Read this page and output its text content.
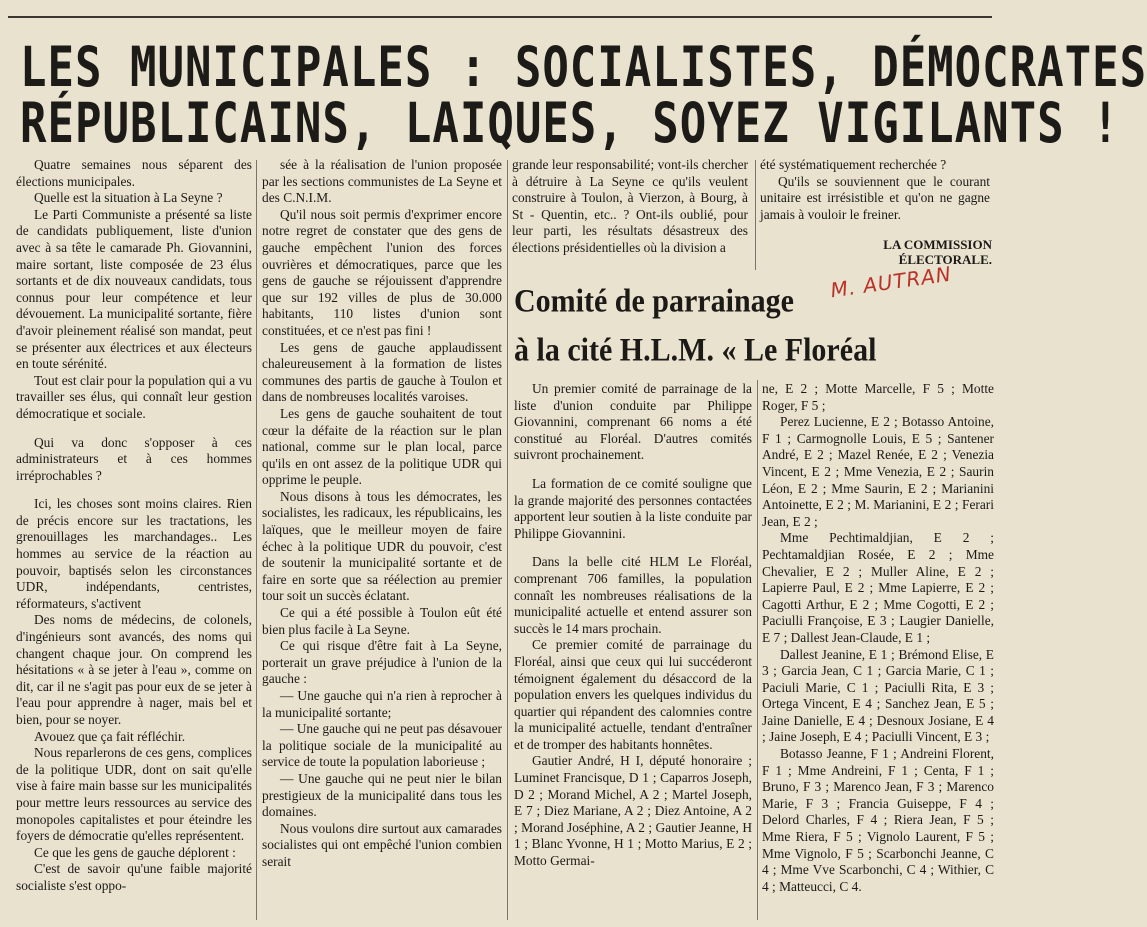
LES MUNICIPALES : SOCIALISTES, DÉMOCRATES
RÉPUBLICAINS, LAIQUES, SOYEZ VIGILANTS !

Quatre semaines nous séparent des élections municipales.

Quelle est la situation à La Seyne ?

Le Parti Communiste a présenté sa liste de candidats publiquement, liste d'union avec à sa tête le camarade Ph. Giovannini, maire sortant, liste composée de 23 élus sortants et de dix nouveaux candidats, tous connus pour leur compétence et leur dévouement. La municipalité sortante, fière d'avoir pleinement réalisé son mandat, peut se présenter aux électrices et aux électeurs en toute sérénité.

Tout est clair pour la population qui a vu travailler ses élus, qui connaît leur gestion démocratique et sociale.

Qui va donc s'opposer à ces administrateurs et à ces hommes irréprochables ?

Ici, les choses sont moins claires. Rien de précis encore sur les tractations, les grenouillages les marchandages.. Les hommes au service de la réaction au pouvoir, baptisés selon les circonstances UDR, indépendants, centristes, réformateurs, s'activent

Des noms de médecins, de colonels, d'ingénieurs sont avancés, des noms qui changent chaque jour. On comprend les hésitations « à se jeter à l'eau », comme on dit, car il ne s'agit pas pour eux de se jeter à l'eau pour apprendre à nager, mais bel et bien, pour se noyer.

Avouez que ça fait réfléchir.

Nous reparlerons de ces gens, complices de la politique UDR, dont on sait qu'elle vise à faire main basse sur les municipalités pour mettre leurs ressources au service des monopoles capitalistes et pour éteindre les foyers de démocratie qu'elles représentent.

Ce que les gens de gauche déplorent :

C'est de savoir qu'une faible majorité socialiste s'est oppo-

sée à la réalisation de l'union proposée par les sections communistes de La Seyne et des C.N.I.M.

Qu'il nous soit permis d'exprimer encore notre regret de constater que des gens de gauche empêchent l'union des forces ouvrières et démocratiques, parce que les gens de gauche se réjouissent d'apprendre que sur 192 villes de plus de 30.000 habitants, 110 listes d'union sont constituées, et ce n'est pas fini !

Les gens de gauche applaudissent chaleureusement à la formation de listes communes des partis de gauche à Toulon et dans de nombreuses localités varoises.

Les gens de gauche souhaitent de tout cœur la défaite de la réaction sur le plan national, comme sur le plan local, parce qu'ils en ont assez de la politique UDR qui opprime le peuple.

Nous disons à tous les démocrates, les socialistes, les radicaux, les républicains, les laïques, que le meilleur moyen de faire échec à la politique UDR du pouvoir, c'est de soutenir la municipalité sortante et de faire en sorte que sa réélection au premier tour soit un succès éclatant.

Ce qui a été possible à Toulon eût été bien plus facile à La Seyne.

Ce qui risque d'être fait à La Seyne, porterait un grave préjudice à l'union de la gauche :

— Une gauche qui n'a rien à reprocher à la municipalité sortante;

— Une gauche qui ne peut pas désavouer la politique sociale de la municipalité au service de toute la population laborieuse ;

— Une gauche qui ne peut nier le bilan prestigieux de la municipalité dans tous les domaines.

Nous voulons dire surtout aux camarades socialistes qui ont empêché l'union combien serait

grande leur responsabilité; vont-ils chercher à détruire à La Seyne ce qu'ils veulent construire à Toulon, à Vierzon, à Bourg, à St - Quentin, etc.. ? Ont-ils oublié, pour leur parti, les résultats désastreux des élections présidentielles où la division a

été systématiquement recherchée ?

Qu'ils se souviennent que le courant unitaire est irrésistible et qu'on ne gagne jamais à vouloir le freiner.

LA COMMISSION
ÉLECTORALE.
M. AUTRAN
Comité de parrainage
à la cité H.L.M. « Le Floréal

Un premier comité de parrainage de la liste d'union conduite par Philippe Giovannini, comprenant 66 noms a été constitué au Floréal. D'autres comités suivront prochainement.

La formation de ce comité souligne que la grande majorité des personnes contactées apportent leur soutien à la liste conduite par Philippe Giovannini.

Dans la belle cité HLM Le Floréal, comprenant 706 familles, la population connaît les nombreuses réalisations de la municipalité actuelle et entend assurer son succès le 14 mars prochain.

Ce premier comité de parrainage du Floréal, ainsi que ceux qui lui succéderont témoignent également du désaccord de la population envers les quelques individus du quartier qui répandent des calomnies contre la municipalité actuelle, tendant d'entraîner et de tromper des habitants honnêtes.

Gautier André, H I, député honoraire ; Luminet Francisque, D 1 ; Caparros Joseph, D 2 ; Morand Michel, A 2 ; Martel Joseph, E 7 ; Diez Mariane, A 2 ; Diez Antoine, A 2 ; Morand Joséphine, A 2 ; Gautier Jeanne, H 1 ; Blanc Yvonne, H 1 ; Motto Marius, E 2 ; Motto Germai-

ne, E 2 ; Motte Marcelle, F 5 ; Motte Roger, F 5 ;

Perez Lucienne, E 2 ; Botasso Antoine, F 1 ; Carmognolle Louis, E 5 ; Santener André, E 2 ; Mazel Renée, E 2 ; Venezia Vincent, E 2 ; Mme Venezia, E 2 ; Saurin Léon, E 2 ; Mme Saurin, E 2 ; Marianini Antoinette, E 2 ; M. Marianini, E 2 ; Ferari Jean, E 2 ;

Mme Pechtimaldjian, E 2 ; Pechtamaldjian Rosée, E 2 ; Mme Chevalier, E 2 ; Muller Aline, E 2 ; Lapierre Paul, E 2 ; Mme Lapierre, E 2 ; Cagotti Arthur, E 2 ; Mme Cogotti, E 2 ; Paciulli Françoise, E 3 ; Laugier Danielle, E 7 ; Dallest Jean-Claude, E 1 ;

Dallest Jeanine, E 1 ; Brémond Elise, E 3 ; Garcia Jean, C 1 ; Garcia Marie, C 1 ; Paciuli Marie, C 1 ; Paciulli Rita, E 3 ; Ortega Vincent, E 4 ; Sanchez Jean, E 5 ; Jaine Danielle, E 4 ; Desnoux Josiane, E 4 ; Jaine Joseph, E 4 ; Paciulli Vincent, E 3 ;

Botasso Jeanne, F 1 ; Andreini Florent, F 1 ; Mme Andreini, F 1 ; Centa, F 1 ; Bruno, F 3 ; Marenco Jean, F 3 ; Marenco Marie, F 3 ; Francia Guiseppe, F 4 ; Delord Charles, F 4 ; Riera Jean, F 5 ; Mme Riera, F 5 ; Vignolo Laurent, F 5 ; Mme Vignolo, F 5 ; Scarbonchi Jeanne, C 4 ; Mme Vve Scarbonchi, C 4 ; Withier, C 4 ; Matteucci, C 4.
